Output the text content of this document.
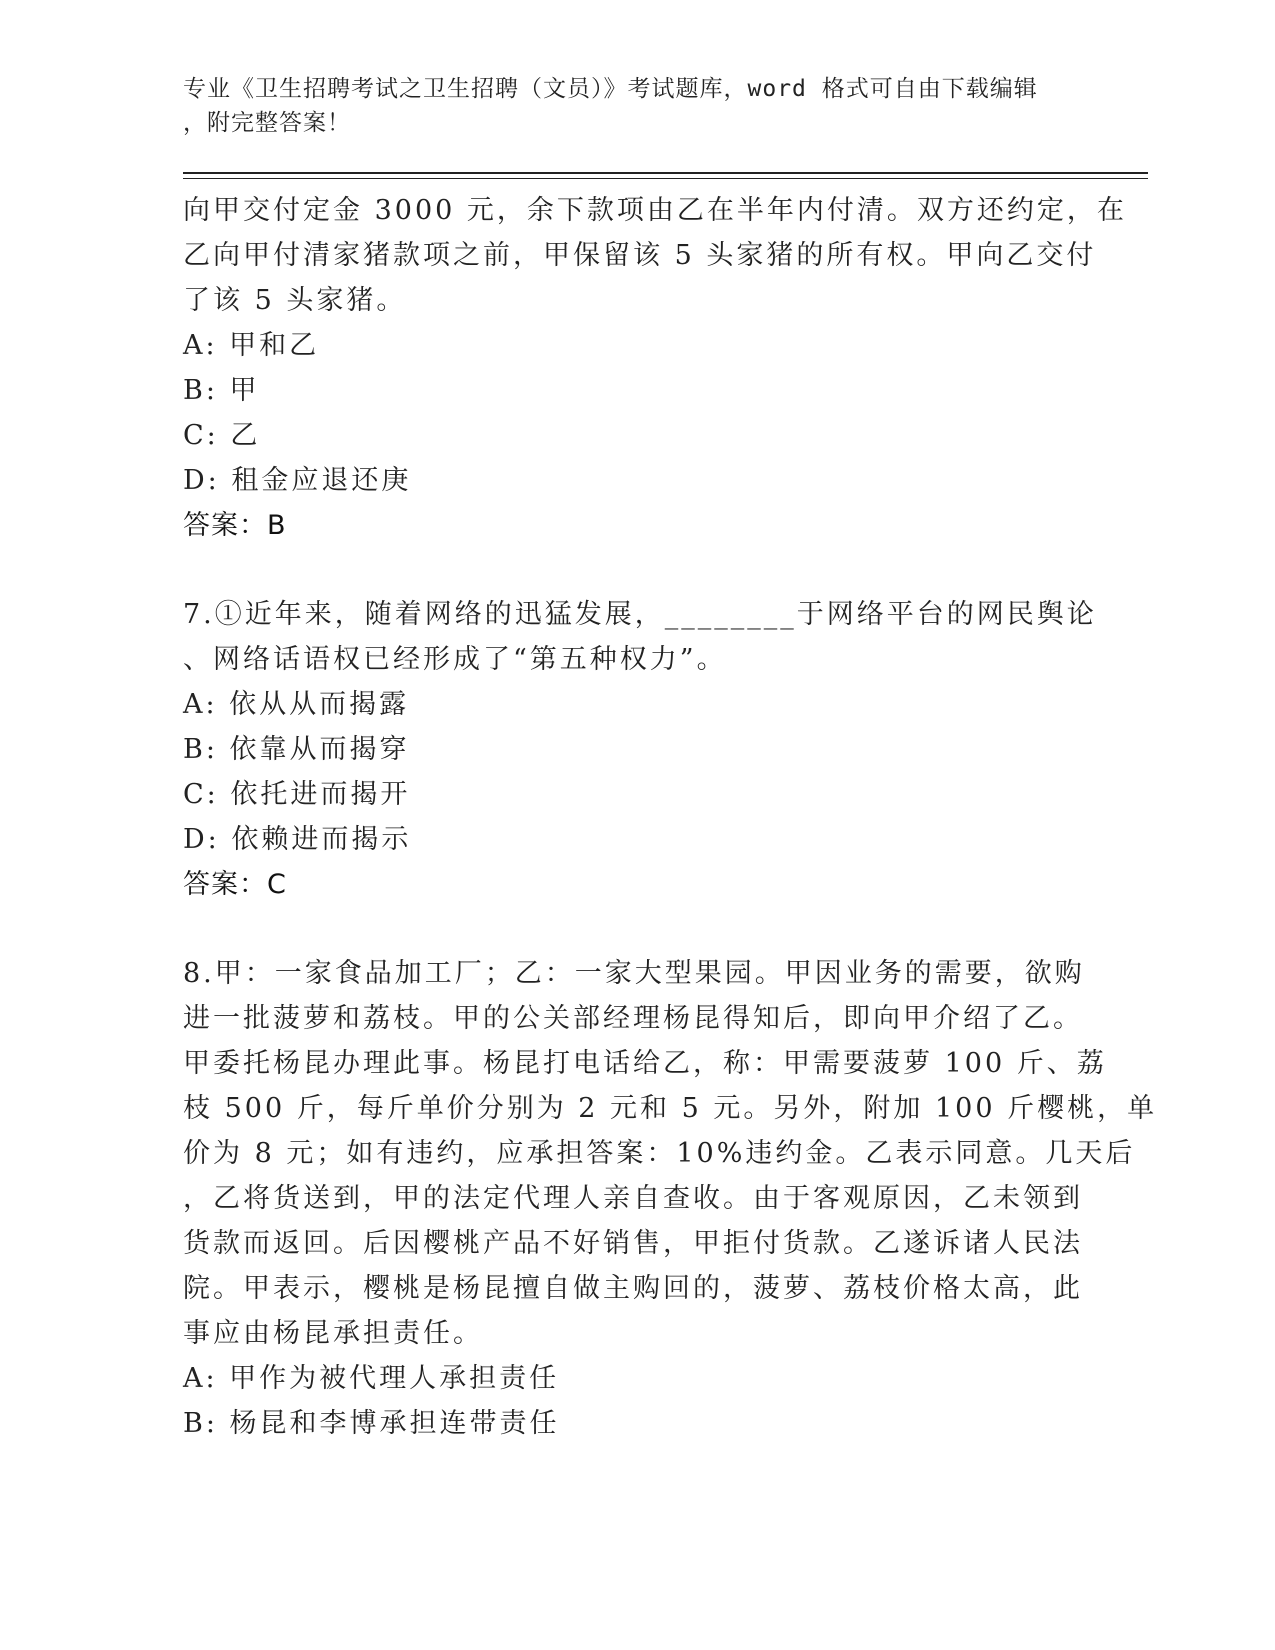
专业《卫生招聘考试之卫生招聘（文员）》考试题库，word 格式可自由下载编辑
，附完整答案！

向甲交付定金 3000 元，余下款项由乙在半年内付清。双方还约定，在
乙向甲付清家猪款项之前，甲保留该 5 头家猪的所有权。甲向乙交付
了该 5 头家猪。

A: 甲和乙

B: 甲

C: 乙

D: 租金应退还庚

答案：B

7.①近年来，随着网络的迅猛发展，________于网络平台的网民舆论
、网络话语权已经形成了“第五种权力”。

A: 依从从而揭露

B: 依靠从而揭穿

C: 依托进而揭开

D: 依赖进而揭示

答案：C

8.甲：一家食品加工厂；乙：一家大型果园。甲因业务的需要，欲购
进一批菠萝和荔枝。甲的公关部经理杨昆得知后，即向甲介绍了乙。
甲委托杨昆办理此事。杨昆打电话给乙，称：甲需要菠萝 100 斤、荔
枝 500 斤，每斤单价分别为 2 元和 5 元。另外，附加 100 斤樱桃，单
价为 8 元；如有违约，应承担答案：10%违约金。乙表示同意。几天后
，乙将货送到，甲的法定代理人亲自查收。由于客观原因，乙未领到
货款而返回。后因樱桃产品不好销售，甲拒付货款。乙遂诉诸人民法
院。甲表示，樱桃是杨昆擅自做主购回的，菠萝、荔枝价格太高，此
事应由杨昆承担责任。

A: 甲作为被代理人承担责任

B: 杨昆和李博承担连带责任
